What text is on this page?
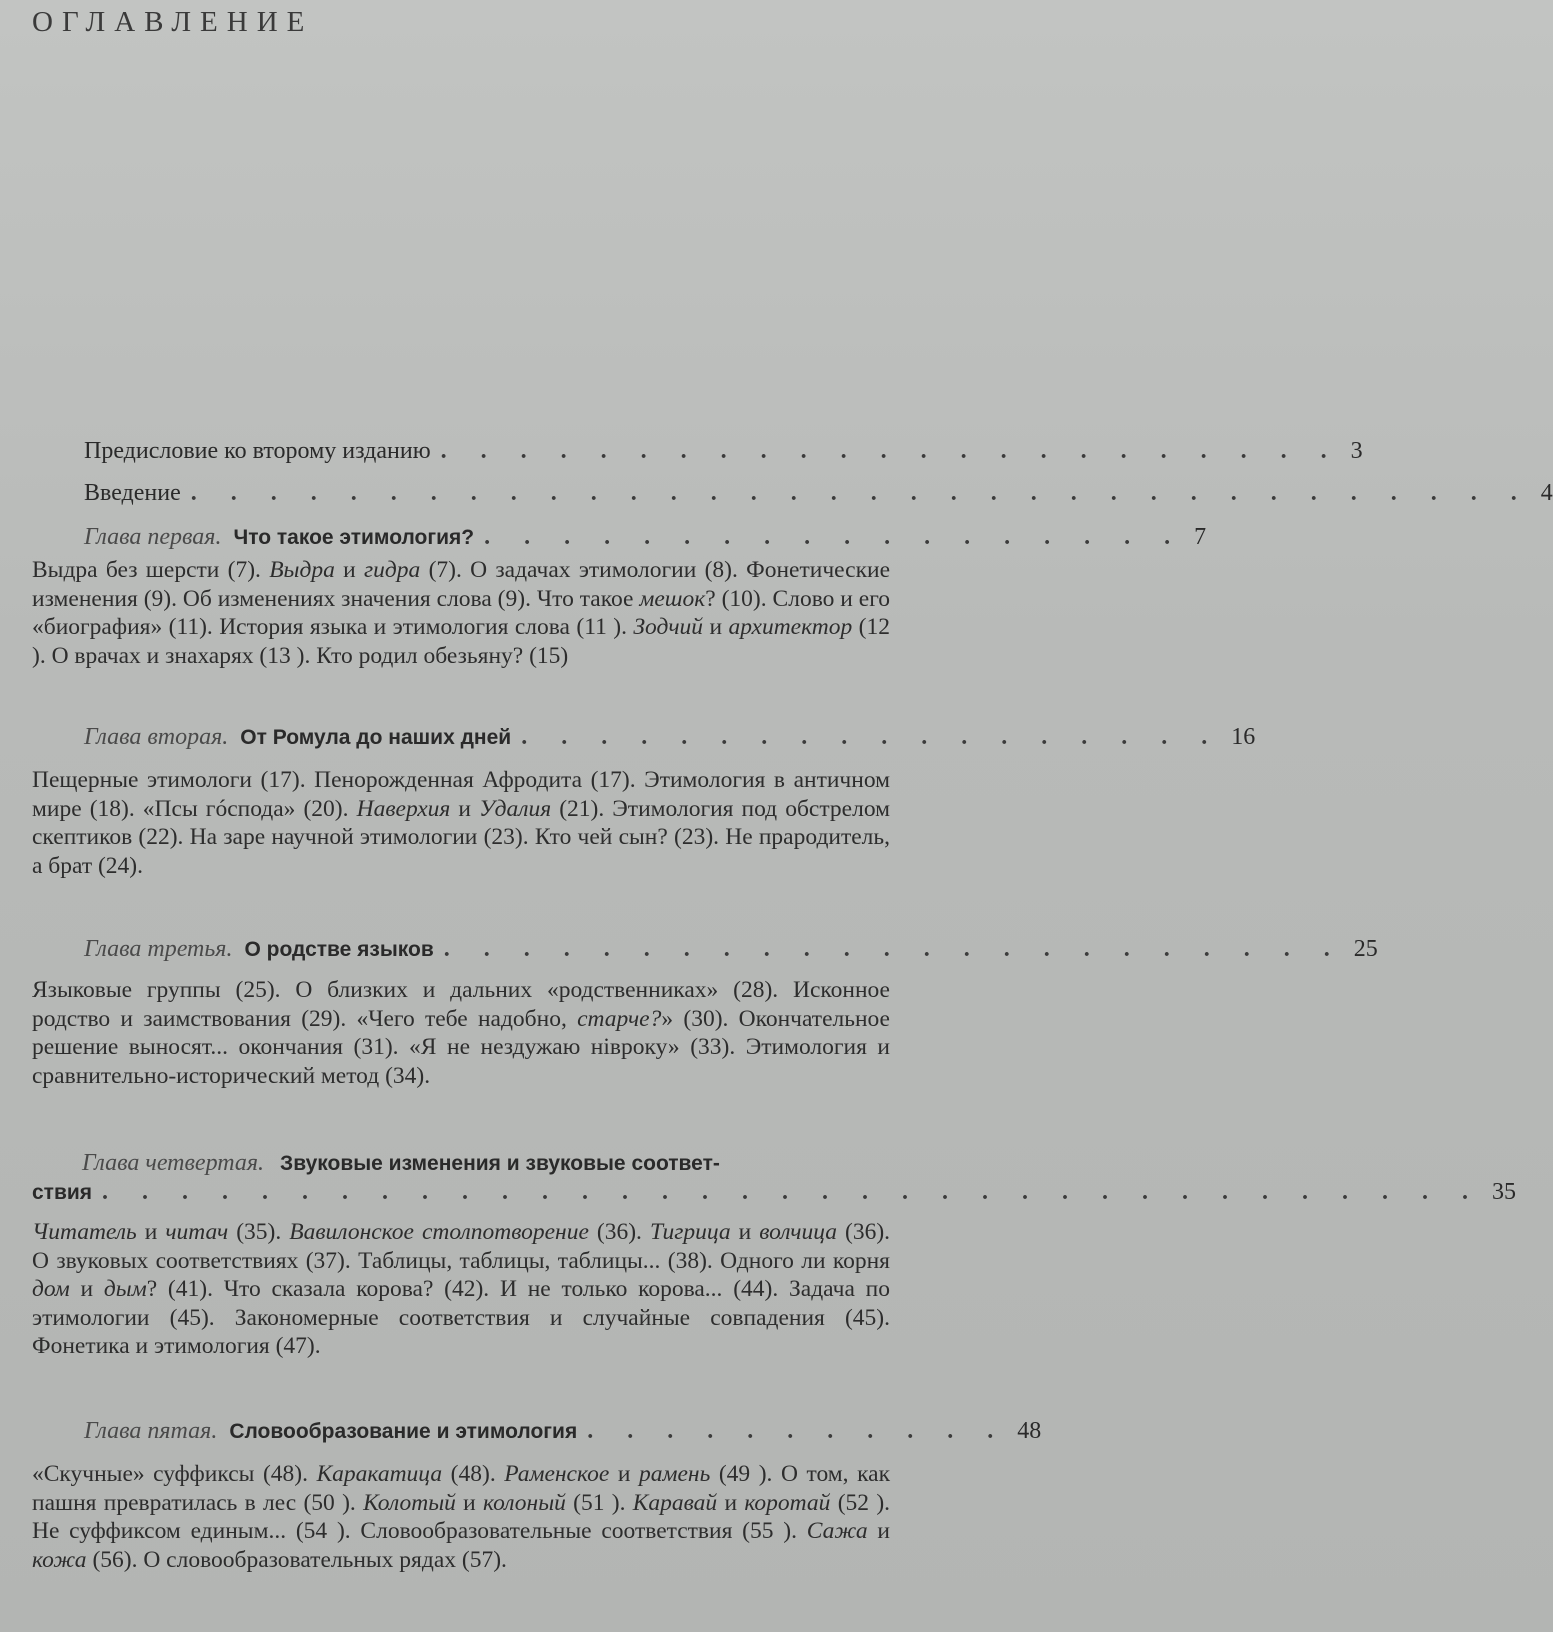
ОГЛАВЛЕНИЕ
Предисловие ко второму изданию . . . . . . . . . . . . . . . . . . . . . . . 3
Введение . . . . . . . . . . . . . . . . . . . . . . . . . . . . . . . . . . 4
Глава первая. Что такое этимология? . . . . . . . . . . . . . . . . . . 7
Выдра без шерсти (7). Выдра и гидра (7). О задачах этимологии (8). Фонетические изменения (9). Об изменениях значения слова (9). Что такое мешок? (10). Слово и его «биография» (11). История языка и этимология слова (11 ). Зодчий и архитектор (12 ). О врачах и знахарях (13 ). Кто родил обезьяну? (15)
Глава вторая. От Ромула до наших дней . . . . . . . . . . . . . . . . . . 16
Пещерные этимологи (17). Пенорожденная Афродита (17). Этимология в античном мире (18). «Псы гóспода» (20). Наверхия и Удалия (21). Этимология под обстрелом скептиков (22). На заре научной этимологии (23). Кто чей сын? (23). Не прародитель, а брат (24).
Глава третья. О родстве языков . . . . . . . . . . . . . . . . . . . . . . . 25
Языковые группы (25). О близких и дальних «родственниках» (28). Исконное родство и заимствования (29). «Чего тебе надобно, старче?» (30). Окончательное решение выносят... окончания (31). «Я не нездужаю нівроку» (33). Этимология и сравнительно-исторический метод (34).
Глава четвертая. Звуковые изменения и звуковые соответ-
ствия . . . . . . . . . . . . . . . . . . . . . . . . . . . . . . . . . . . 35
Читатель и читач (35). Вавилонское столпотворение (36). Тигрица и волчица (36). О звуковых соответствиях (37). Таблицы, таблицы, таблицы... (38). Одного ли корня дом и дым? (41). Что сказала корова? (42). И не только корова... (44). Задача по этимологии (45). Закономерные соответствия и случайные совпадения (45). Фонетика и этимология (47).
Глава пятая. Словообразование и этимология . . . . . . . . . . . 48
«Скучные» суффиксы (48). Каракатица (48). Раменское и рамень (49 ). О том, как пашня превратилась в лес (50 ). Колотый и колоный (51 ). Каравай и коротай (52 ). Не суффиксом единым... (54 ). Словообразовательные соответствия (55 ). Сажа и кожа (56). О словообразовательных рядах (57).
